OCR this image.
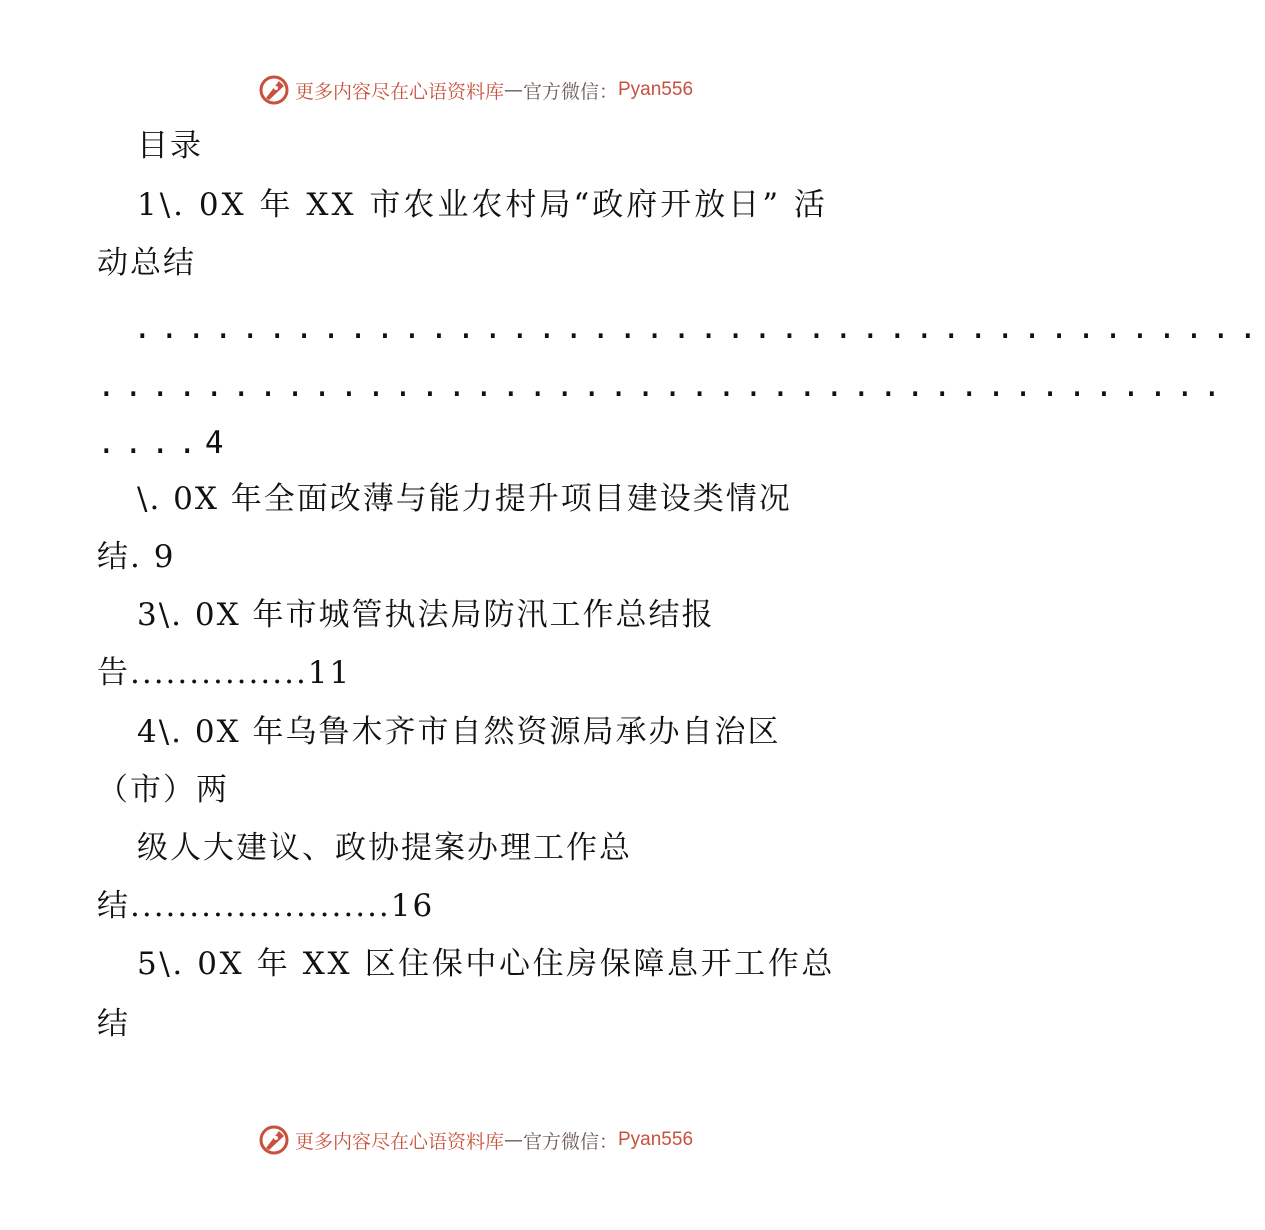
更多内容尽在心语资料库 — 官方微信： Pyan556
目录
1\. 0X 年 XX 市农业农村局“政府开放日” 活
动总结
..........................................
..........................................
....4
\. 0X 年全面改薄与能力提升项目建设类情况
结. 9
3\. 0X 年市城管执法局防汛工作总结报
告...............11
4\. 0X 年乌鲁木齐市自然资源局承办自治区
（市）两
级人大建议、政协提案办理工作总
结......................16
5\. 0X 年 XX 区住保中心住房保障息开工作总
结
更多内容尽在心语资料库 — 官方微信： Pyan556
